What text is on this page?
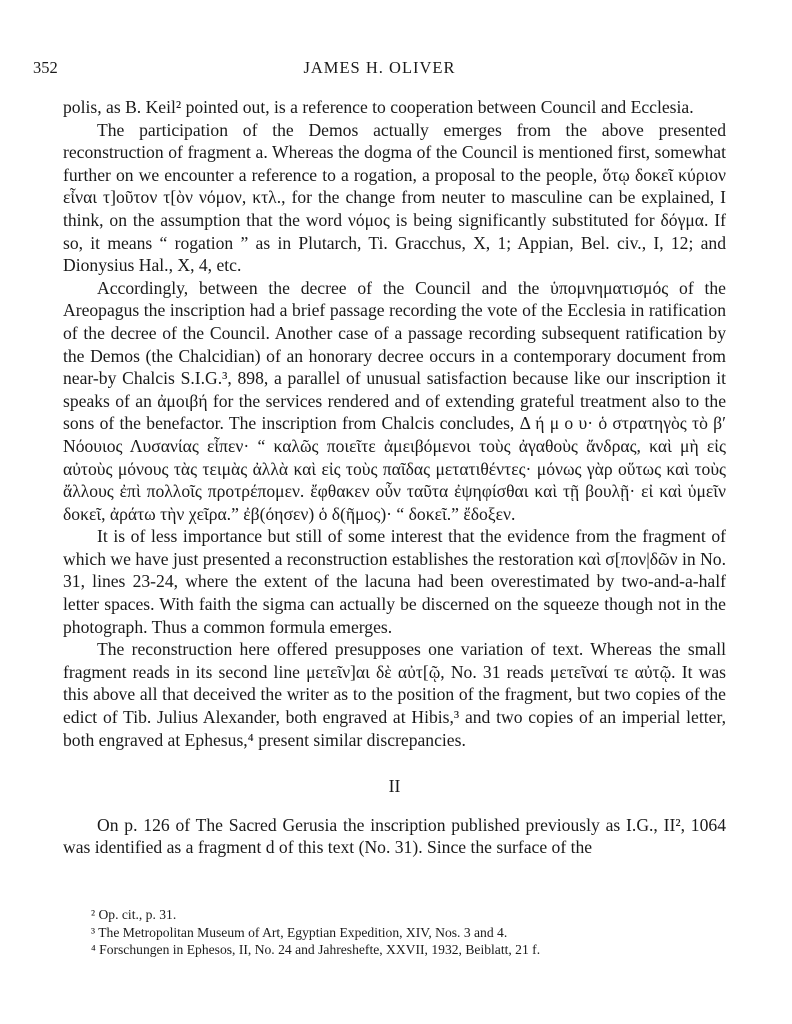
352	JAMES H. OLIVER

polis, as B. Keil² pointed out, is a reference to cooperation between Council and Ecclesia.

The participation of the Demos actually emerges from the above presented reconstruction of fragment a. Whereas the dogma of the Council is mentioned first, somewhat further on we encounter a reference to a rogation, a proposal to the people, ὅτῳ δοκεῖ κύριον εἶναι τ]οῦτον τ[ὸν νόμον, κτλ., for the change from neuter to masculine can be explained, I think, on the assumption that the word νόμος is being significantly substituted for δόγμα. If so, it means “ rogation ” as in Plutarch, Ti. Gracchus, X, 1; Appian, Bel. civ., I, 12; and Dionysius Hal., X, 4, etc.

Accordingly, between the decree of the Council and the ὑπομνηματισμός of the Areopagus the inscription had a brief passage recording the vote of the Ecclesia in ratification of the decree of the Council. Another case of a passage recording subsequent ratification by the Demos (the Chalcidian) of an honorary decree occurs in a contemporary document from near-by Chalcis S.I.G.³, 898, a parallel of unusual satisfaction because like our inscription it speaks of an ἀμοιβή for the services rendered and of extending grateful treatment also to the sons of the benefactor. The inscription from Chalcis concludes, Δ ή μ ο υ· ὁ στρατηγὸς τὸ β′ Νόουιος Λυσανίας εἶπεν· “ καλῶς ποιεῖτε ἀμειβόμενοι τοὺς ἀγαθοὺς ἄνδρας, καὶ μὴ εἰς αὐτοὺς μόνους τὰς τειμὰς ἀλλὰ καὶ εἰς τοὺς παῖδας μετατιθέντες· μόνως γὰρ οὕτως καὶ τοὺς ἄλλους ἐπὶ πολλοῖς προτρέπομεν. ἔφθακεν οὖν ταῦτα ἐψηφίσθαι καὶ τῇ βουλῇ· εἰ καὶ ὑμεῖν δοκεῖ, ἀράτω τὴν χεῖρα.” ἐβ(όησεν) ὁ δ(ῆμος)· “ δοκεῖ.” ἔδοξεν.

It is of less importance but still of some interest that the evidence from the fragment of which we have just presented a reconstruction establishes the restoration καὶ σ[πον|δῶν in No. 31, lines 23-24, where the extent of the lacuna had been overestimated by two-and-a-half letter spaces. With faith the sigma can actually be discerned on the squeeze though not in the photograph. Thus a common formula emerges.

The reconstruction here offered presupposes one variation of text. Whereas the small fragment reads in its second line μετεῖν]αι δὲ αὐτ[ῷ, No. 31 reads μετεῖναί τε αὐτῷ. It was this above all that deceived the writer as to the position of the fragment, but two copies of the edict of Tib. Julius Alexander, both engraved at Hibis,³ and two copies of an imperial letter, both engraved at Ephesus,⁴ present similar discrepancies.

II

On p. 126 of The Sacred Gerusia the inscription published previously as I.G., II², 1064 was identified as a fragment d of this text (No. 31). Since the surface of the

² Op. cit., p. 31.

³ The Metropolitan Museum of Art, Egyptian Expedition, XIV, Nos. 3 and 4.

⁴ Forschungen in Ephesos, II, No. 24 and Jahreshefte, XXVII, 1932, Beiblatt, 21 f.
